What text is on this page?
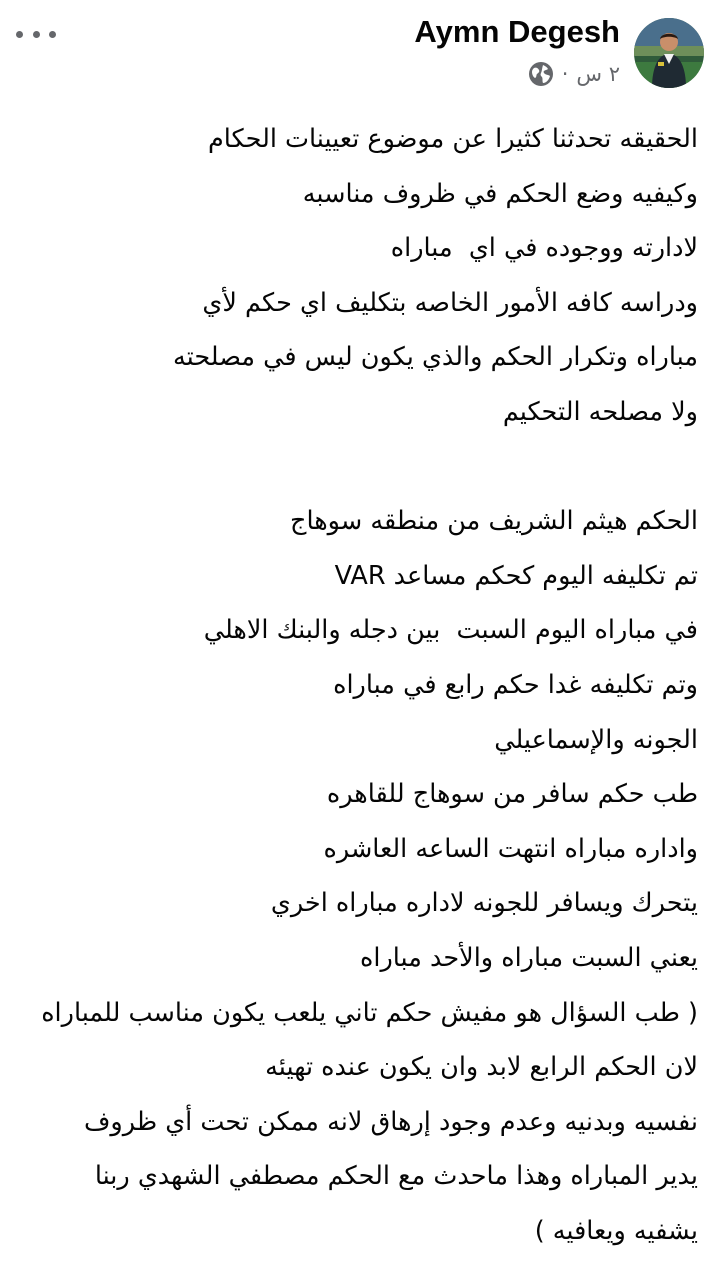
Aymn Degesh
٢ س
·
الحقيقه تحدثنا كثيرا عن موضوع تعيينات الحكام
وكيفيه وضع الحكم في ظروف مناسبه
لادارته ووجوده في اي  مباراه
ودراسه كافه الأمور الخاصه بتكليف اي حكم لأي
مباراه وتكرار الحكم والذي يكون ليس في مصلحته
ولا مصلحه التحكيم
الحكم هيثم الشريف من منطقه سوهاج
تم تكليفه اليوم كحكم مساعد VAR
في مباراه اليوم السبت  بين دجله والبنك الاهلي
وتم تكليفه غدا حكم رابع في مباراه
الجونه والإسماعيلي
طب حكم سافر من سوهاج للقاهره
واداره مباراه انتهت الساعه العاشره
يتحرك ويسافر للجونه لاداره مباراه اخري
يعني السبت مباراه والأحد مباراه
( طب السؤال هو مفيش حكم تاني يلعب يكون مناسب للمباراه
لان الحكم الرابع لابد وان يكون عنده تهيئه
نفسيه وبدنيه وعدم وجود إرهاق لانه ممكن تحت أي ظروف
يدير المباراه وهذا ماحدث مع الحكم مصطفي الشهدي ربنا
يشفيه ويعافيه )
